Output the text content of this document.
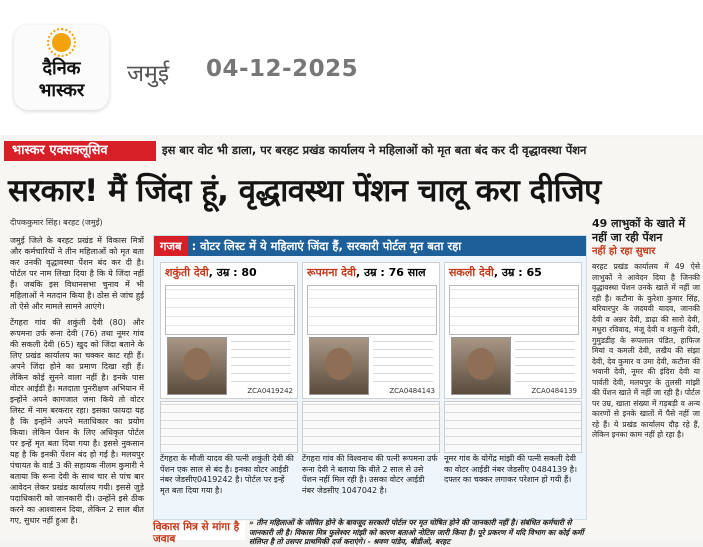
दैनिक
भास्कर
जमुई 04-12-2025
भास्कर एक्सक्लूसिव	इस बार वोट भी डाला, पर बरहट प्रखंड कार्यालय ने महिलाओं को मृत बता बंद कर दी वृद्धावस्था पेंशन
सरकार! मैं जिंदा हूं, वृद्धावस्था पेंशन चालू करा दीजिए
दीपककुमार सिंह। बरहट (जमुई)

जमुई जिले के बरहट प्रखंड में विकास मित्रों और कर्मचारियों ने तीन महिलाओं को मृत बता कर उनकी वृद्धावस्था पेंशन बंद कर दी है। पोर्टल पर नाम लिखा दिया है कि ये जिंदा नहीं हैं। जबकि इस विधानसभा चुनाव में भी महिलाओं ने मतदान किया है। ठोस से जांच हुई तो ऐसे और मामले सामने आएंगे।

टेंगहरा गांव की शकुंती देवी (80) और रूपमना उर्फ रूना देवी (76) तथा नूमर गांव की सकली देवी (65) खुद को जिंदा बताने के लिए प्रखंड कार्यालय का चक्कर काट रही हैं। अपने जिंदा होने का प्रमाण दिखा रही हैं। लेकिन कोई सुनने वाला नहीं है। इनके पास वोटर आईडी है। मतदाता पुनरीक्षण अभियान में इन्होंने अपने कागजात जमा किये तो वोटर लिस्ट में नाम बरकरार रहा। इसका फायदा यह है कि इन्होंने अपने मताधिकार का प्रयोग किया। लेकिन पेंशन के लिए अधिकृत पोर्टल पर इन्हें मृत बता दिया गया है। इससे नुकसान यह है कि इनकी पेंशन बंद हो गई है। मलयपुर पंचायत के वार्ड 3 की सहायक नीलम कुमारी ने बताया कि रूना देवी के साथ चार से पांच बार आवेदन लेकर प्रखंड कार्यालय गयी। इससे जुड़े पदाधिकारी को जानकारी दी। उन्होंने इसे ठीक करने का आश्वासन दिया, लेकिन 2 साल बीत गए, सुधार नहीं हुआ है।

गजब : वोटर लिस्ट में ये महिलाएं जिंदा हैं, सरकारी पोर्टल मृत बता रहा
शकुंती देवी, उम्र : 80
ZCA0419242
रूपमना देवी, उम्र : 76 साल
ZCA0484143
सकली देवी, उम्र : 65
ZCA0484139
टेंगहरा के मौजी यादव की पत्नी शकुंती देवी की पेंशन एक साल से बंद है। इनका वोटर आईडी नंबर जेडसीए0419242 है। पोर्टल पर इन्हें मृत बता दिया गया है।
टेंगहरा गांव की विश्वनाथ की पत्नी रूपमना उर्फ रूना देवी ने बताया कि बीते 2 साल से उसे पेंशन नहीं मिल रही है। उसका वोटर आईडी नंबर जेडसीए 1047042 है।
नूमर गांव के योगेंद्र मांझी की पत्नी सकली देवी का वोटर आईडी नंबर जेडसीए 0484139 है। दफ्तर का चक्कर लगाकर परेशान हो गयी हैं।
49 लाभुकों के खाते में नहीं जा रही पेंशन
नहीं हो रहा सुधार
बरहट प्रखंड कार्यालय में 49 ऐसे लाभुकों ने आवेदन दिया है जिनकी वृद्धावस्था पेंशन उनके खाते में नहीं जा रही है। कटौना के कुरेशा कुमार सिंह, बरियारपुर के जदयवी यादव, जानकी देवी व अन्नर देवी, डाढ़ा की सारो देवी, मधुरा रविवाद, मंजू देवी व शकुनी देवी, गुमुडडीह के रूपलाल पंडित, हाफिज मियां व कमली देवी, लखैय की संझा देवी, देव कुमार व उमा देवी, कटौना की भवानी देवी, नूमर की इंदिरा देवी या पार्वती देवी, मलयपुर के तुलसी मांझी की पेंशन खाते में नहीं जा रही है। पोर्टल पर उम्र, खाता संख्या में गड़बड़ी व अन्य कारणों से इनके खातों में पैसे नहीं जा रहे हैं। ये प्रखंड कार्यालय दौड़ रहे हैं, लेकिन इनका काम नहीं हो रहा है।
विकास मित्र से मांगा है जवाब
» तीन महिलाओं के जीवित होने के बावजूद सरकारी पोर्टल पर मृत घोषित होने की जानकारी नहीं है। संबंधित कर्मचारी से जानकारी ली है। विकास मित्र फुलेश्वर मांझी को कारण बताओ नोटिस जारी किया है। पूरे प्रकरण में यदि विभाग का कोई कर्मी संलिप्त है तो उसपर प्राथमिकी दर्ज कराएंगे। - श्रवण पांडेय, बीडीओ, बरहट
